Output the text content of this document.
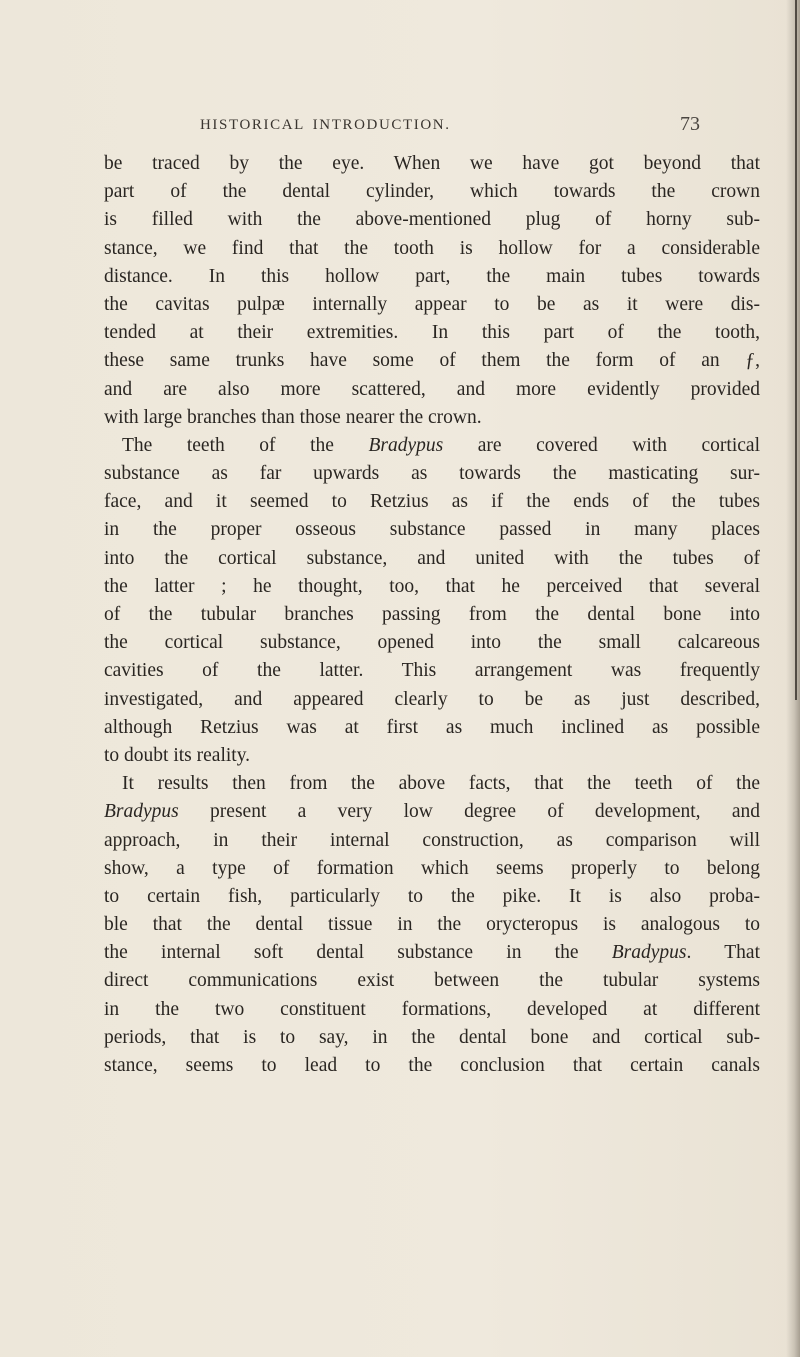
HISTORICAL INTRODUCTION.	73
be traced by the eye. When we have got beyond that
part of the dental cylinder, which towards the crown
is filled with the above-mentioned plug of horny sub-
stance, we find that the tooth is hollow for a considerable
distance. In this hollow part, the main tubes towards
the cavitas pulpæ internally appear to be as it were dis-
tended at their extremities. In this part of the tooth,
these same trunks have some of them the form of an ƒ,
and are also more scattered, and more evidently provided
with large branches than those nearer the crown.
The teeth of the Bradypus are covered with cortical
substance as far upwards as towards the masticating sur-
face, and it seemed to Retzius as if the ends of the tubes
in the proper osseous substance passed in many places
into the cortical substance, and united with the tubes of
the latter ; he thought, too, that he perceived that several
of the tubular branches passing from the dental bone into
the cortical substance, opened into the small calcareous
cavities of the latter. This arrangement was frequently
investigated, and appeared clearly to be as just described,
although Retzius was at first as much inclined as possible
to doubt its reality.
It results then from the above facts, that the teeth of the
Bradypus present a very low degree of development, and
approach, in their internal construction, as comparison will
show, a type of formation which seems properly to belong
to certain fish, particularly to the pike. It is also proba-
ble that the dental tissue in the orycteropus is analogous to
the internal soft dental substance in the Bradypus. That
direct communications exist between the tubular systems
in the two constituent formations, developed at different
periods, that is to say, in the dental bone and cortical sub-
stance, seems to lead to the conclusion that certain canals
